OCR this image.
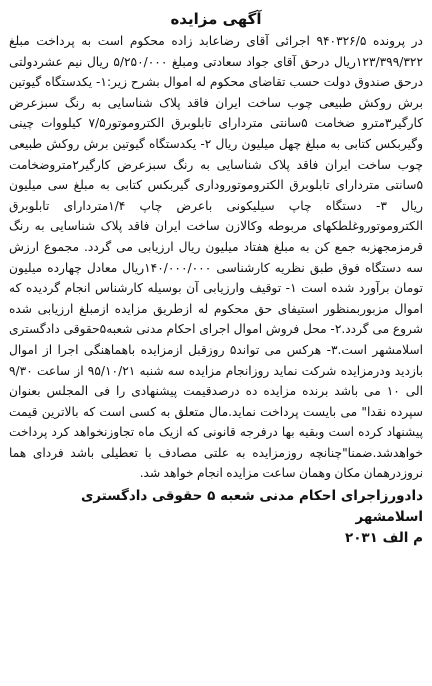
آگهی مزایده

در پرونده ۹۴۰۳۲۶/۵ اجرائی آقای رضاعابد زاده محکوم است به پرداخت مبلغ ۱۲۳/۳۹۹/۳۲۲ریال درحق آقای جواد سعادتی ومبلغ ۵/۲۵۰/۰۰۰ ریال نیم عشردولتی درحق صندوق دولت حسب تقاضای محکوم له اموال بشرح زیر:۱- یکدستگاه گیوتین برش روکش طبیعی چوب ساخت ایران فاقد پلاک شناسایی به رنگ سبزعرض کارگیر۳مترو ضخامت ۵سانتی متردارای تابلوبرق الکتروموتور۷/۵ کیلووات چینی وگیربکس کتابی به مبلغ چهل میلیون ریال ۲- یکدستگاه گیوتین برش روکش طبیعی چوب ساخت ایران فاقد پلاک شناسایی به رنگ سبزعرض کارگیر۲متروضخامت ۵سانتی متردارای تابلوبرق الکتروموتوروداری گیربکس کتابی به مبلغ سی میلیون ریال ۳- دستگاه چاپ سیلیکونی باعرض چاپ ۱/۴متردارای تابلوبرق الکتروموتوروغلطکهای مربوطه وکالازن ساخت ایران فاقد پلاک شناسایی به رنگ قرمزمجهزبه جمع کن به مبلغ هفتاد میلیون ریال ارزیابی می گردد. مجموع ارزش سه دستگاه فوق طبق نظریه کارشناسی ۱۴۰/۰۰۰/۰۰۰ریال معادل چهارده میلیون تومان برآورد شده است ۱- توقیف وارزیابی آن بوسیله کارشناس انجام گردیده که اموال مزبوربمنظور استیفای حق محکوم له ازطریق مزایده ازمبلغ ارزیابی شده شروع می گردد.۲- محل فروش اموال اجرای احکام مدنی شعبه۵حقوقی دادگستری اسلامشهر است.۳- هرکس می تواند۵ روزقبل ازمزایده باهماهنگی اجرا از اموال بازدید ودرمزایده شرکت نماید روزانجام مزایده سه شنبه ۹۵/۱۰/۲۱ از ساعت ۹/۳۰ الی ۱۰ می باشد برنده مزایده ده درصدقیمت پیشنهادی را فی المجلس بعنوان سپرده نقدا" می بایست پرداخت نماید.مال متعلق به کسی است که بالاترین قیمت پیشنهاد کرده است وبقیه بها درفرجه قانونی که ازیک ماه تجاوزنخواهد کرد پرداخت خواهدشد.ضمنا"چنانچه روزمزایده به علتی مصادف با تعطیلی باشد فردای هما نروزدرهمان مکان وهمان ساعت مزایده انجام خواهد شد.

دادورزاجرای احکام مدنی شعبه ۵ حقوقی دادگستری اسلامشهر
م الف ۲۰۳۱
